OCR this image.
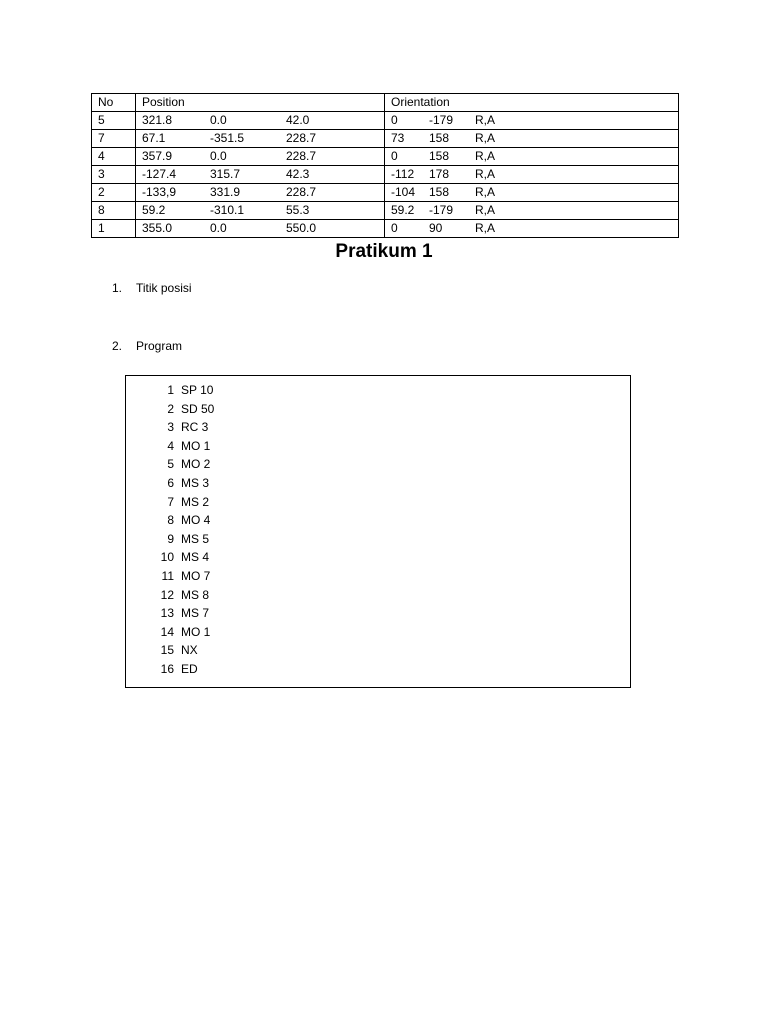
No	Position	Orientation
5	321.8 0.0 42.0	0 -179 R,A

7	67.1 -351.5 228.7	73 158 R,A

4	357.9 0.0 228.7	0 158 R,A

3	-127.4 315.7 42.3	-112 178 R,A

2	-133,9 331.9 228.7	-104 158 R,A

8	59.2 -310.1 55.3	59.2 -179 R,A

1	355.0 0.0 550.0	0 90 R,A
Pratikum 1
1. Titik posisi
2. Program
1 SP 10
2 SD 50
3 RC 3
4 MO 1
5 MO 2
6 MS 3
7 MS 2
8 MO 4
9 MS 5
10 MS 4
11 MO 7
12 MS 8
13 MS 7
14 MO 1
15 NX
16 ED
